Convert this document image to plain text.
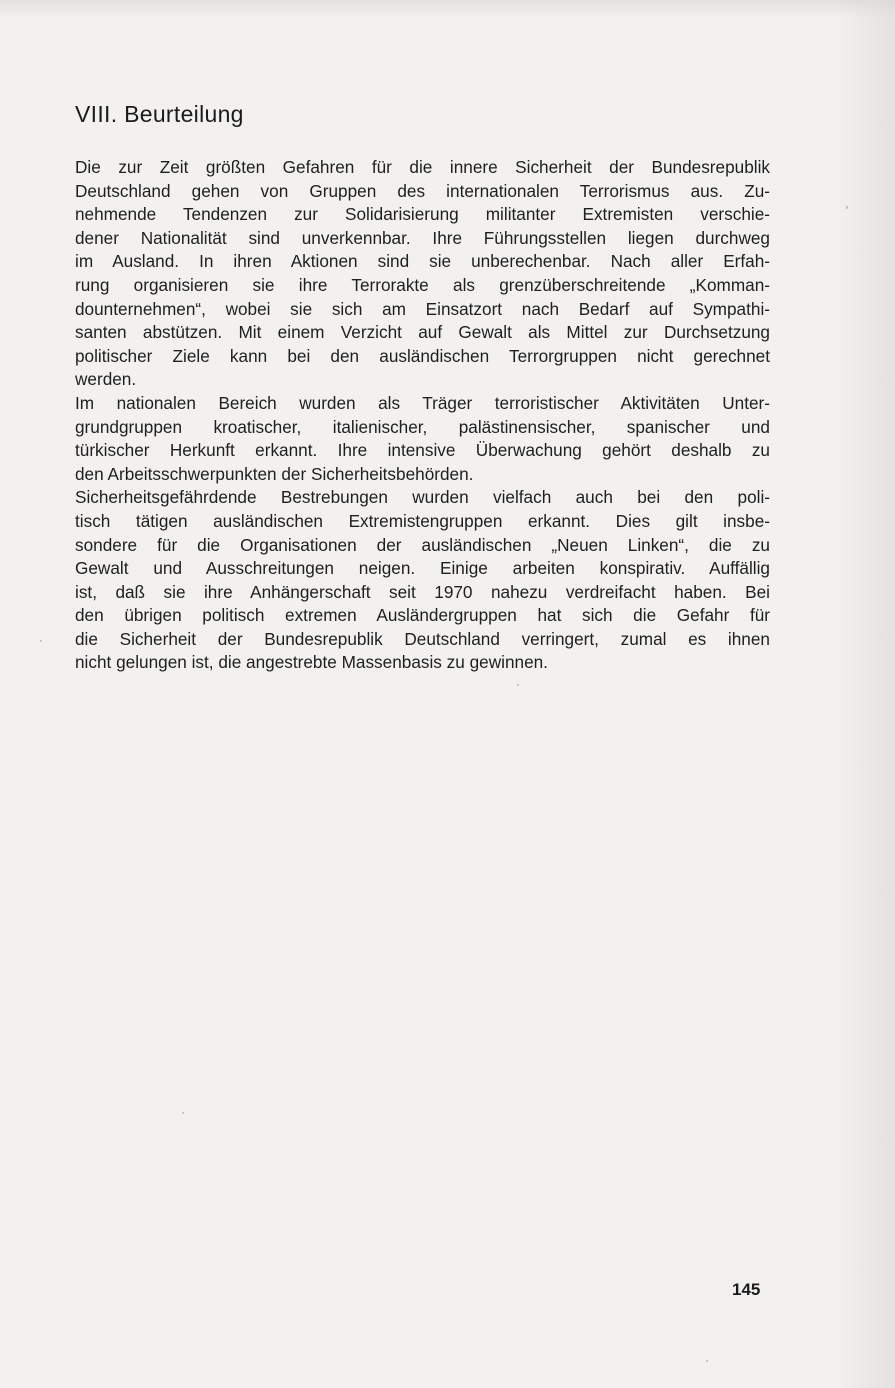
VIII. Beurteilung
Die zur Zeit größten Gefahren für die innere Sicherheit der Bundesrepublik
Deutschland gehen von Gruppen des internationalen Terrorismus aus. Zu-
nehmende Tendenzen zur Solidarisierung militanter Extremisten verschie-
dener Nationalität sind unverkennbar. Ihre Führungsstellen liegen durchweg
im Ausland. In ihren Aktionen sind sie unberechenbar. Nach aller Erfah-
rung organisieren sie ihre Terrorakte als grenzüberschreitende „Komman-
dounternehmen“, wobei sie sich am Einsatzort nach Bedarf auf Sympathi-
santen abstützen. Mit einem Verzicht auf Gewalt als Mittel zur Durchsetzung
politischer Ziele kann bei den ausländischen Terrorgruppen nicht gerechnet
werden.
Im nationalen Bereich wurden als Träger terroristischer Aktivitäten Unter-
grundgruppen kroatischer, italienischer, palästinensischer, spanischer und
türkischer Herkunft erkannt. Ihre intensive Überwachung gehört deshalb zu
den Arbeitsschwerpunkten der Sicherheitsbehörden.
Sicherheitsgefährdende Bestrebungen wurden vielfach auch bei den poli-
tisch tätigen ausländischen Extremistengruppen erkannt. Dies gilt insbe-
sondere für die Organisationen der ausländischen „Neuen Linken“, die zu
Gewalt und Ausschreitungen neigen. Einige arbeiten konspirativ. Auffällig
ist, daß sie ihre Anhängerschaft seit 1970 nahezu verdreifacht haben. Bei
den übrigen politisch extremen Ausländergruppen hat sich die Gefahr für
die Sicherheit der Bundesrepublik Deutschland verringert, zumal es ihnen
nicht gelungen ist, die angestrebte Massenbasis zu gewinnen.
145
